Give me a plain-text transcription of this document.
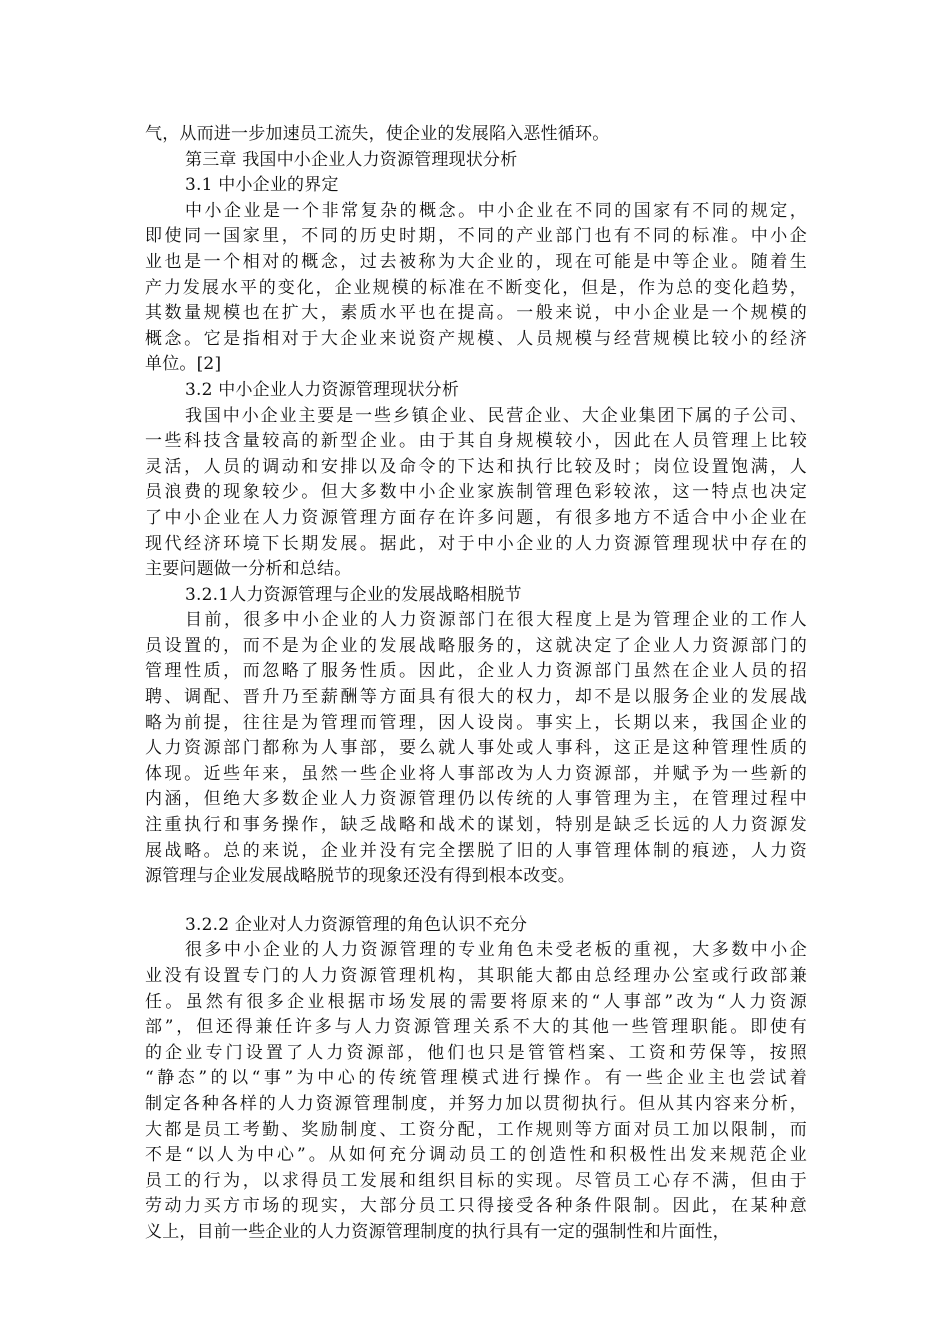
气，从而进一步加速员工流失，使企业的发展陷入恶性循环。
第三章 我国中小企业人力资源管理现状分析
3.1 中小企业的界定
中小企业是一个非常复杂的概念。中小企业在不同的国家有不同的规定，
即使同一国家里，不同的历史时期，不同的产业部门也有不同的标准。中小企
业也是一个相对的概念，过去被称为大企业的，现在可能是中等企业。随着生
产力发展水平的变化，企业规模的标准在不断变化，但是，作为总的变化趋势，
其数量规模也在扩大，素质水平也在提高。一般来说，中小企业是一个规模的
概念。它是指相对于大企业来说资产规模、人员规模与经营规模比较小的经济
单位。[2]
3.2 中小企业人力资源管理现状分析
我国中小企业主要是一些乡镇企业、民营企业、大企业集团下属的子公司、
一些科技含量较高的新型企业。由于其自身规模较小，因此在人员管理上比较
灵活，人员的调动和安排以及命令的下达和执行比较及时；岗位设置饱满，人
员浪费的现象较少。但大多数中小企业家族制管理色彩较浓，这一特点也决定
了中小企业在人力资源管理方面存在许多问题，有很多地方不适合中小企业在
现代经济环境下长期发展。据此，对于中小企业的人力资源管理现状中存在的
主要问题做一分析和总结。
3.2.1人力资源管理与企业的发展战略相脱节
目前，很多中小企业的人力资源部门在很大程度上是为管理企业的工作人
员设置的，而不是为企业的发展战略服务的，这就决定了企业人力资源部门的
管理性质，而忽略了服务性质。因此，企业人力资源部门虽然在企业人员的招
聘、调配、晋升乃至薪酬等方面具有很大的权力，却不是以服务企业的发展战
略为前提，往往是为管理而管理，因人设岗。事实上，长期以来，我国企业的
人力资源部门都称为人事部，要么就人事处或人事科，这正是这种管理性质的
体现。近些年来，虽然一些企业将人事部改为人力资源部，并赋予为一些新的
内涵，但绝大多数企业人力资源管理仍以传统的人事管理为主，在管理过程中
注重执行和事务操作，缺乏战略和战术的谋划，特别是缺乏长远的人力资源发
展战略。总的来说，企业并没有完全摆脱了旧的人事管理体制的痕迹，人力资
源管理与企业发展战略脱节的现象还没有得到根本改变。
3.2.2 企业对人力资源管理的角色认识不充分
很多中小企业的人力资源管理的专业角色未受老板的重视，大多数中小企
业没有设置专门的人力资源管理机构，其职能大都由总经理办公室或行政部兼
任。虽然有很多企业根据市场发展的需要将原来的“人事部”改为“人力资源
部”，但还得兼任许多与人力资源管理关系不大的其他一些管理职能。即使有
的企业专门设置了人力资源部，他们也只是管管档案、工资和劳保等，按照
“静态”的以“事”为中心的传统管理模式进行操作。有一些企业主也尝试着
制定各种各样的人力资源管理制度，并努力加以贯彻执行。但从其内容来分析，
大都是员工考勤、奖励制度、工资分配，工作规则等方面对员工加以限制，而
不是“以人为中心”。从如何充分调动员工的创造性和积极性出发来规范企业
员工的行为，以求得员工发展和组织目标的实现。尽管员工心存不满，但由于
劳动力买方市场的现实，大部分员工只得接受各种条件限制。因此，在某种意
义上，目前一些企业的人力资源管理制度的执行具有一定的强制性和片面性，
